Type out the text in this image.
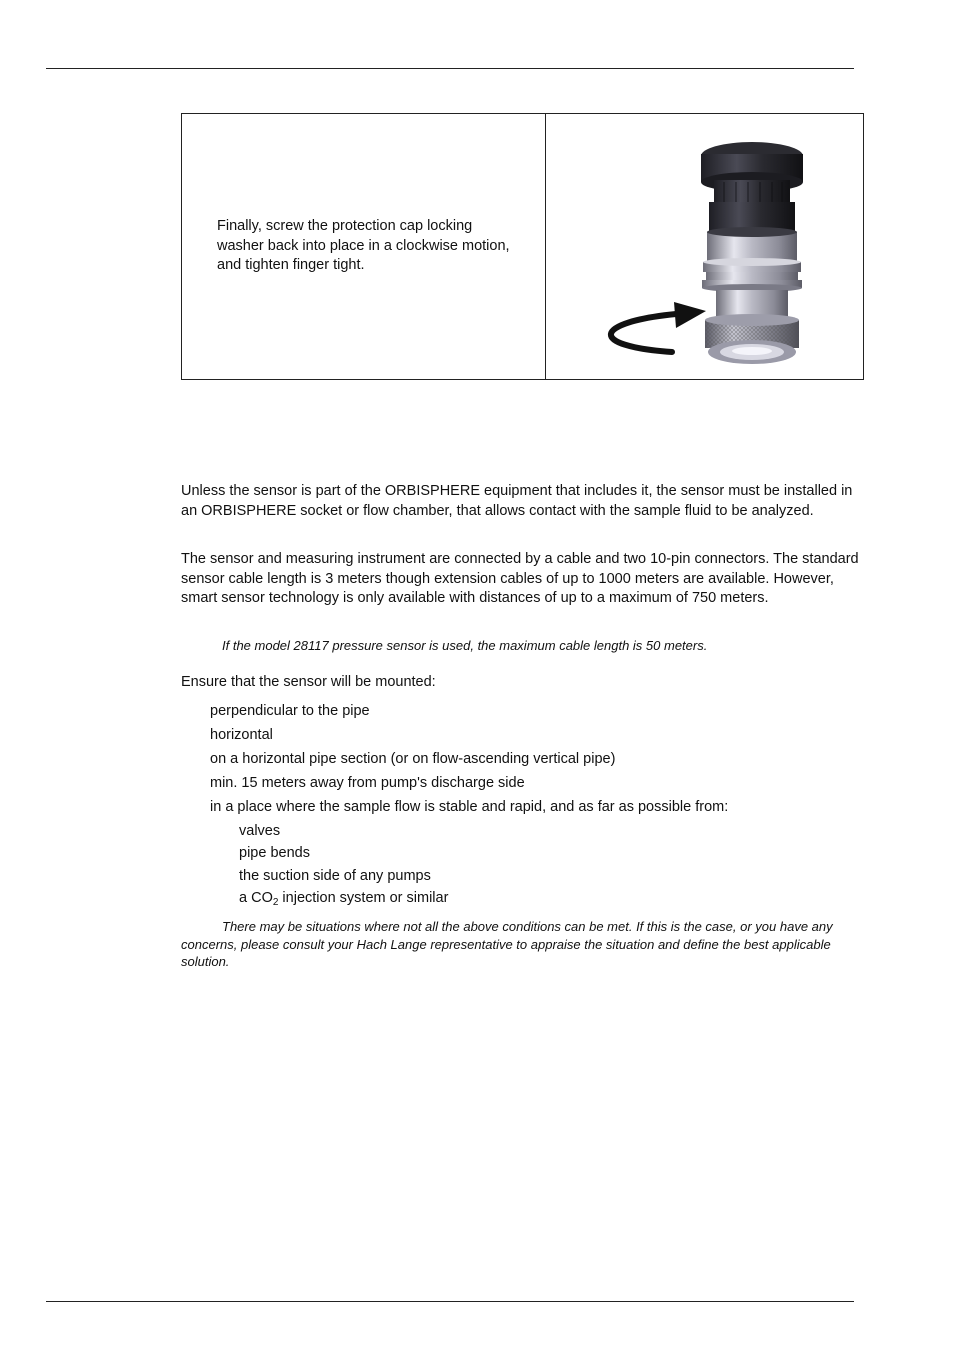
Finally, screw the protection cap locking washer back into place in a clockwise motion, and tighten finger tight.
Unless the sensor is part of the ORBISPHERE equipment that includes it, the sensor must be installed in an ORBISPHERE socket or flow chamber, that allows contact with the sample fluid to be analyzed.
The sensor and measuring instrument are connected by a cable and two 10-pin connectors. The standard sensor cable length is 3 meters though extension cables of up to 1000 meters are available. However, smart sensor technology is only available with distances of up to a maximum of 750 meters.
If the model 28117 pressure sensor is used, the maximum cable length is 50 meters.
Ensure that the sensor will be mounted:
perpendicular to the pipe
horizontal
on a horizontal pipe section (or on flow-ascending vertical pipe)
min. 15 meters away from pump's discharge side
in a place where the sample flow is stable and rapid, and as far as possible from:
valves
pipe bends
the suction side of any pumps
a $CO_2$ injection system or similar
There may be situations where not all the above conditions can be met. If this is the case, or you have any concerns, please consult your Hach Lange representative to appraise the situation and define the best applicable solution.
